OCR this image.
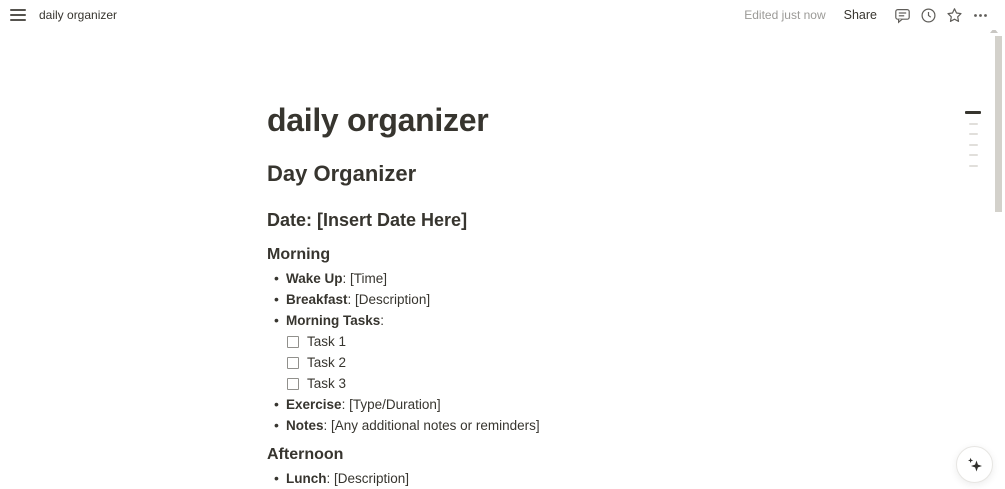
daily organizer	Edited just now	Share
daily organizer
Day Organizer
Date: [Insert Date Here]
Morning
• Wake Up: [Time]
• Breakfast: [Description]
• Morning Tasks:
Task 1
Task 2
Task 3
• Exercise: [Type/Duration]
• Notes: [Any additional notes or reminders]
Afternoon
• Lunch: [Description]
